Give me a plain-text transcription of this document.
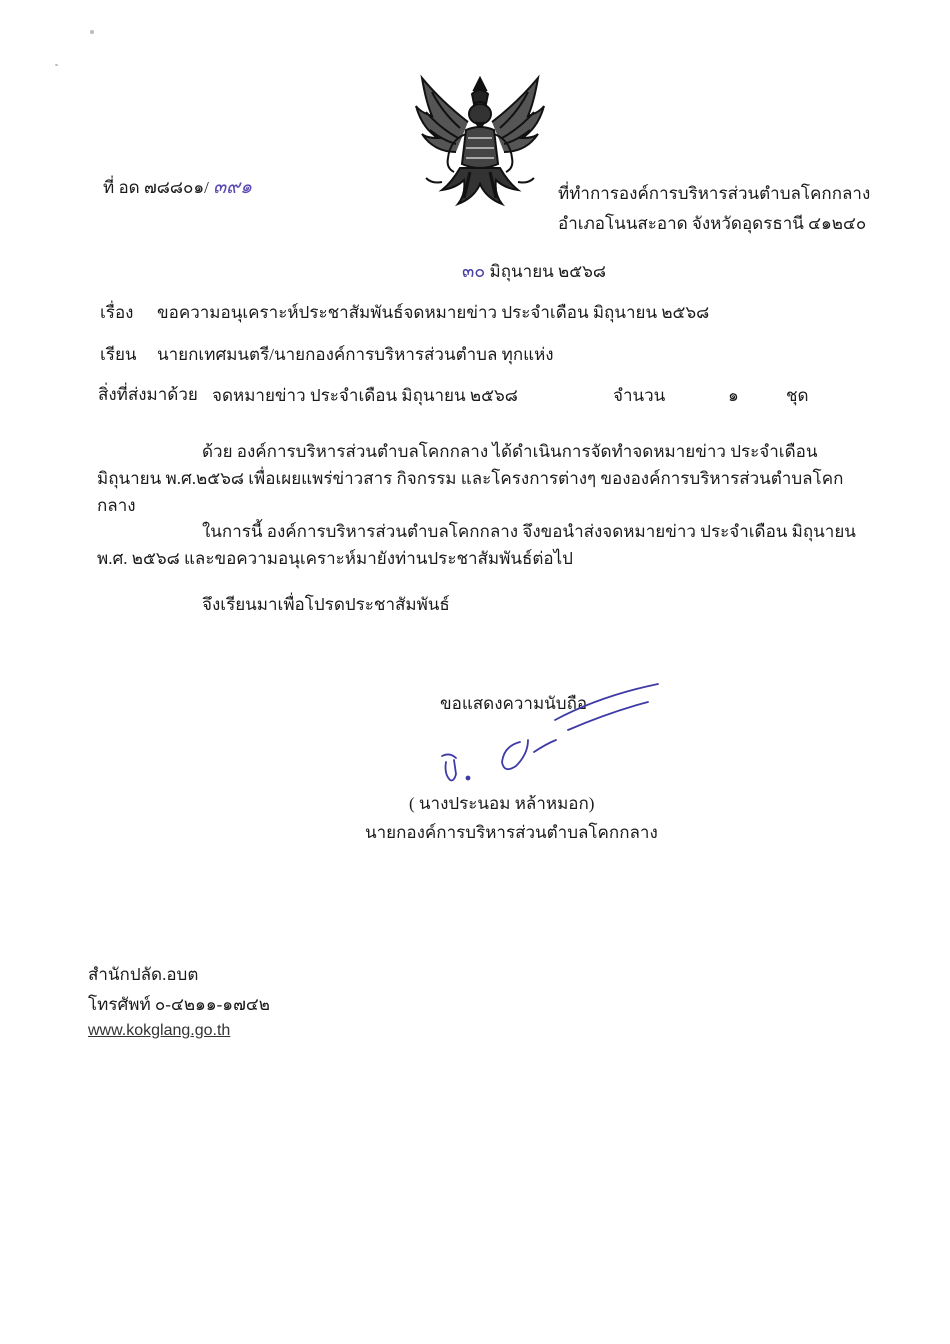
ที่ อด ๗๘๘๐๑/ ๓๙๑	ที่ทำการองค์การบริหารส่วนตำบลโคกกลาง
อำเภอโนนสะอาด จังหวัดอุดรธานี ๔๑๒๔๐
๓๐ มิถุนายน ๒๕๖๘
เรื่อง ขอความอนุเคราะห์ประชาสัมพันธ์จดหมายข่าว ประจำเดือน มิถุนายน ๒๕๖๘
เรียน นายกเทศมนตรี/นายกองค์การบริหารส่วนตำบล ทุกแห่ง
สิ่งที่ส่งมาด้วย จดหมายข่าว ประจำเดือน มิถุนายน ๒๕๖๘	จำนวน	๑	ชุด
ด้วย องค์การบริหารส่วนตำบลโคกกลาง ได้ดำเนินการจัดทำจดหมายข่าว ประจำเดือน มิถุนายน พ.ศ.๒๕๖๘ เพื่อเผยแพร่ข่าวสาร กิจกรรม และโครงการต่างๆ ขององค์การบริหารส่วนตำบลโคกกลาง
ในการนี้ องค์การบริหารส่วนตำบลโคกกลาง จึงขอนำส่งจดหมายข่าว ประจำเดือน มิถุนายน พ.ศ. ๒๕๖๘ และขอความอนุเคราะห์มายังท่านประชาสัมพันธ์ต่อไป
จึงเรียนมาเพื่อโปรดประชาสัมพันธ์
ขอแสดงความนับถือ
( นางประนอม หล้าหมอก)
นายกองค์การบริหารส่วนตำบลโคกกลาง
สำนักปลัด.อบต
โทรศัพท์ ๐-๔๒๑๑-๑๗๔๒
www.kokglang.go.th
